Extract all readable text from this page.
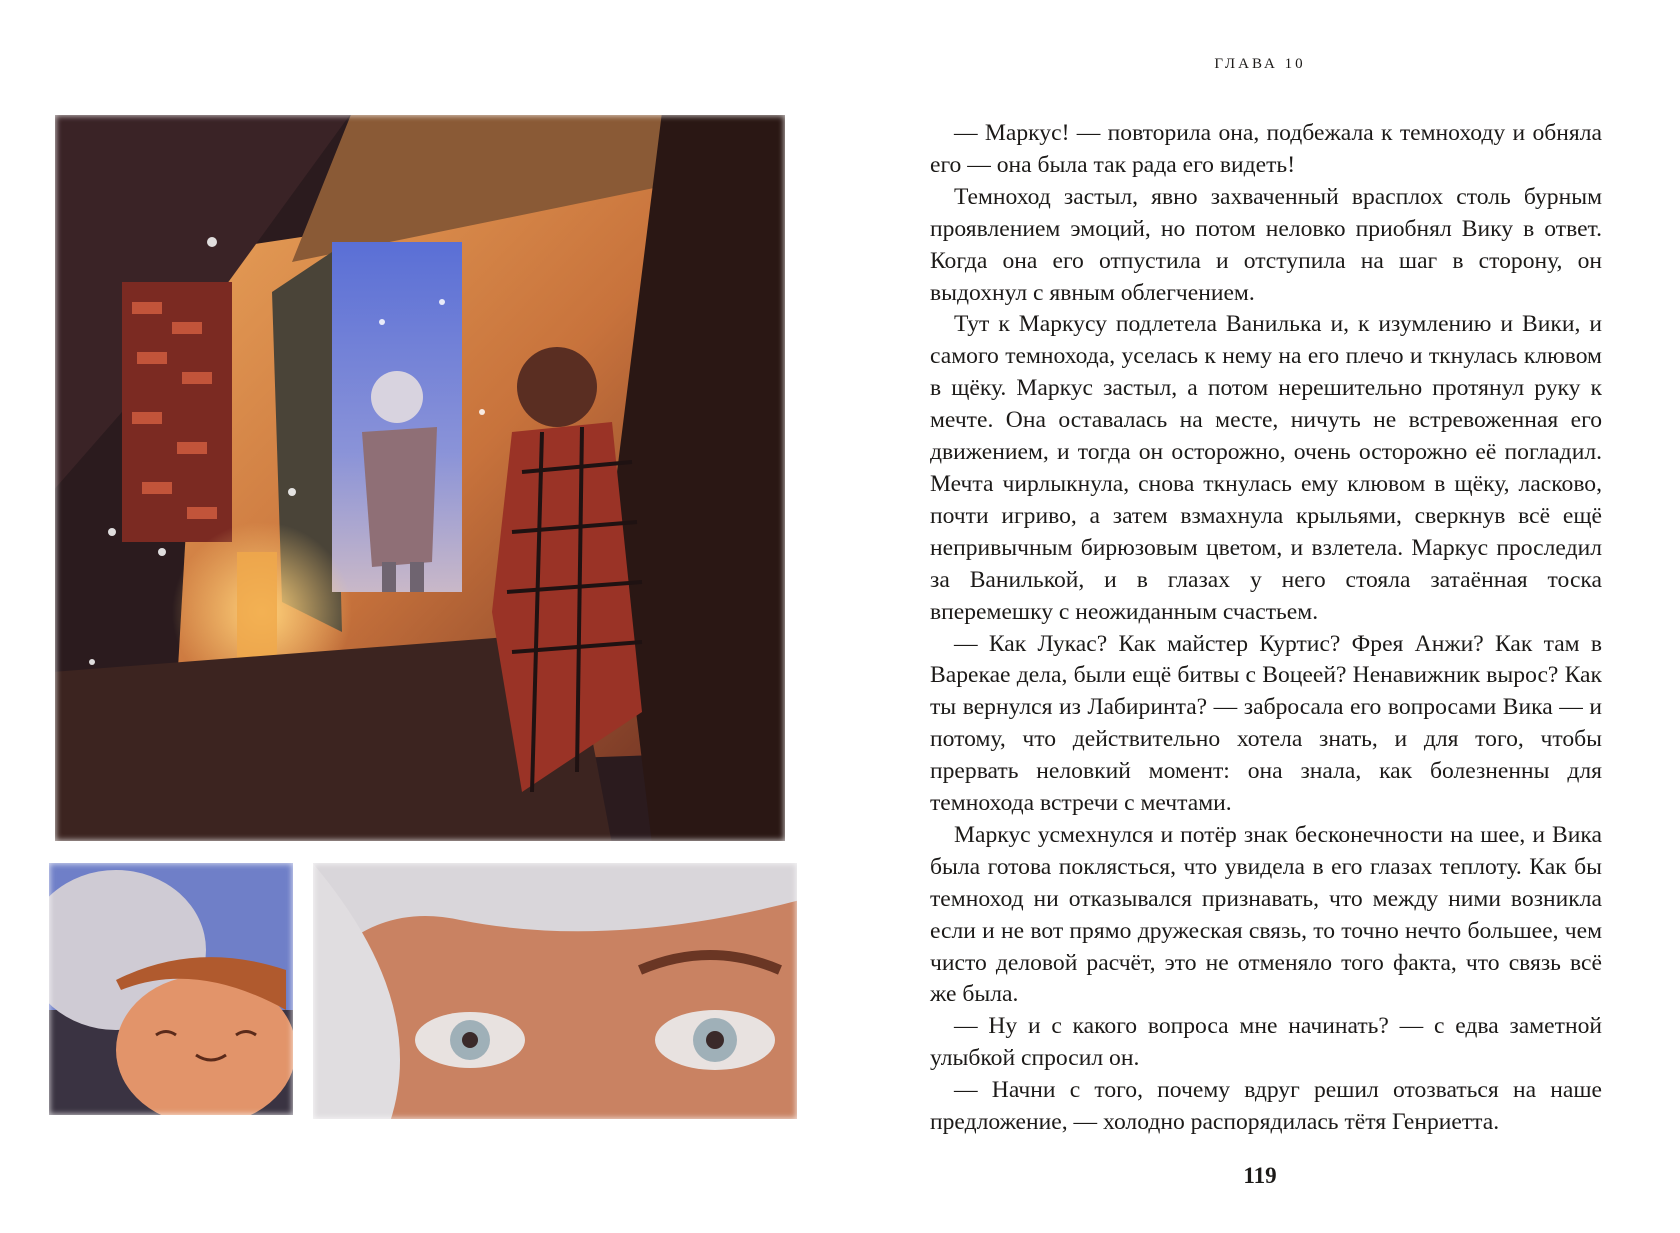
ГЛАВА 10

— Маркус! — повторила она, подбежала к темноходу и обняла его — она была так рада его видеть!

Темноход застыл, явно захваченный врасплох столь бурным проявлением эмоций, но потом неловко приобнял Вику в ответ. Когда она его отпустила и отступила на шаг в сторону, он выдохнул с явным облегчением.

Тут к Маркусу подлетела Ванилька и, к изумлению и Вики, и самого темнохода, уселась к нему на его плечо и ткнулась клювом в щёку. Маркус застыл, а потом нерешительно протянул руку к мечте. Она оставалась на месте, ничуть не встревоженная его движением, и тогда он осторожно, очень осторожно её погладил. Мечта чирлыкнула, снова ткнулась ему клювом в щёку, ласково, почти игриво, а затем взмахнула крыльями, сверкнув всё ещё непривычным бирюзовым цветом, и взлетела. Маркус проследил за Ванилькой, и в глазах у него стояла затаённая тоска вперемешку с неожиданным счастьем.

— Как Лукас? Как майстер Куртис? Фрея Анжи? Как там в Варекае дела, были ещё битвы с Воцеей? Ненавижник вырос? Как ты вернулся из Лабиринта? — забросала его вопросами Вика — и потому, что действительно хотела знать, и для того, чтобы прервать неловкий момент: она знала, как болезненны для темнохода встречи с мечтами.

Маркус усмехнулся и потёр знак бесконечности на шее, и Вика была готова поклясться, что увидела в его глазах теплоту. Как бы темноход ни отказывался признавать, что между ними возникла если и не вот прямо дружеская связь, то точно нечто большее, чем чисто деловой расчёт, это не отменяло того факта, что связь всё же была.

— Ну и с какого вопроса мне начинать? — с едва заметной улыбкой спросил он.

— Начни с того, почему вдруг решил отозваться на наше предложение, — холодно распорядилась тётя Генриетта.

119
